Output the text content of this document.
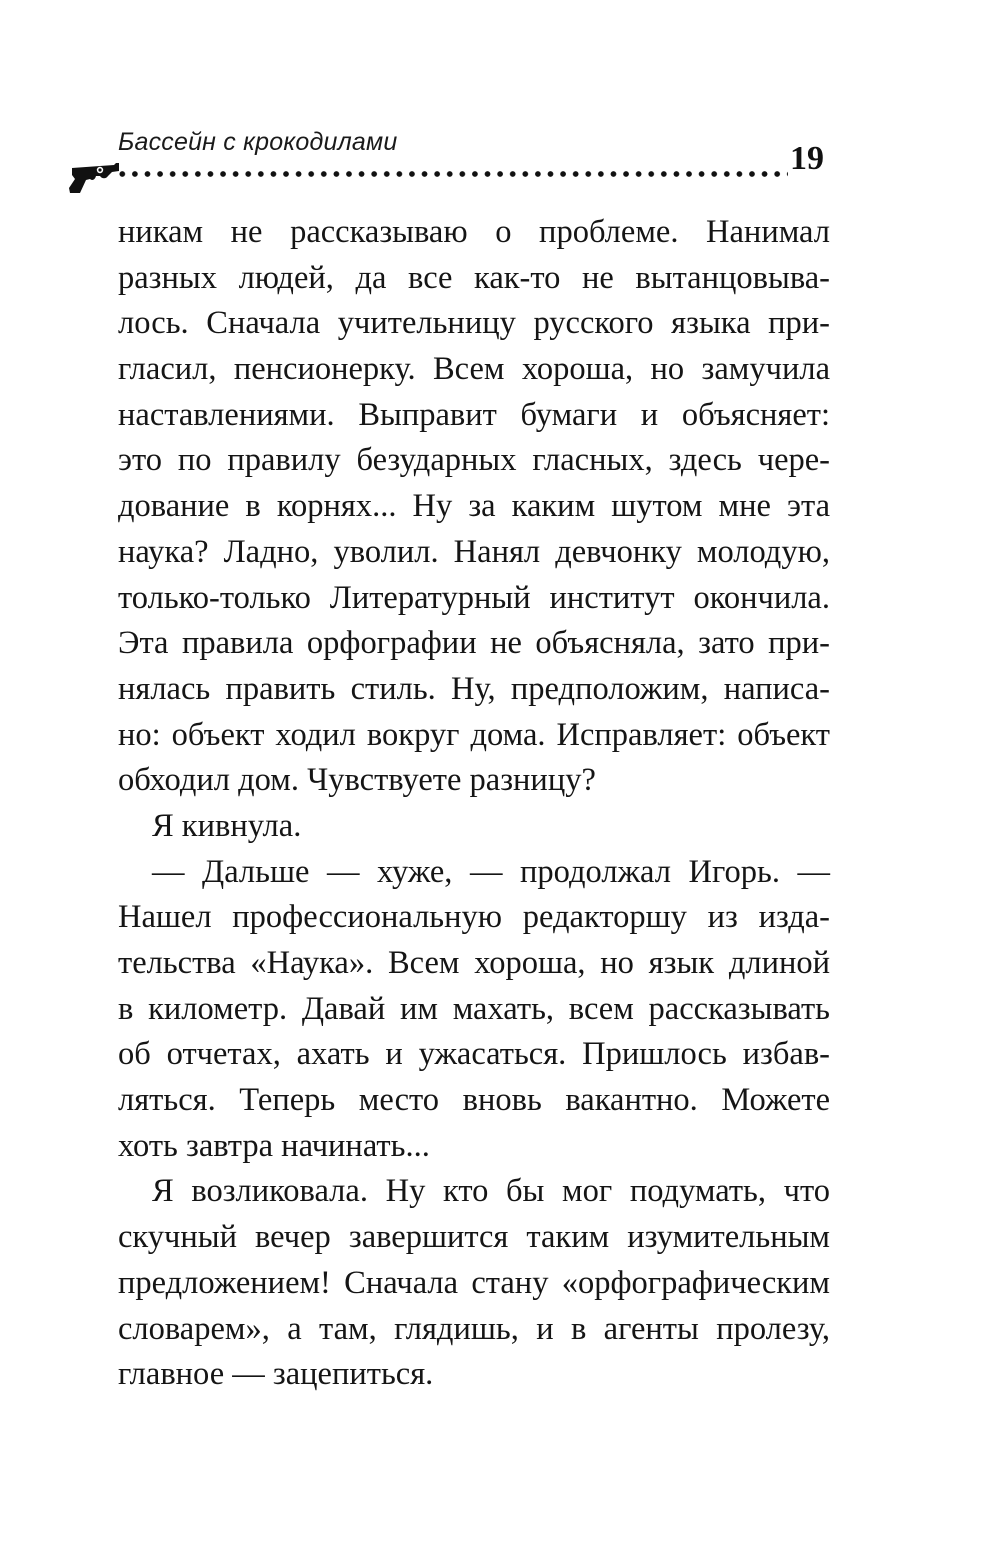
Бассейн с крокодилами	19
никам не рассказываю о проблеме. Нанимал
разных людей, да все как-то не вытанцовыва-
лось. Сначала учительницу русского языка при-
гласил, пенсионерку. Всем хороша, но замучила
наставлениями. Выправит бумаги и объясняет:
это по правилу безударных гласных, здесь чере-
дование в корнях... Ну за каким шутом мне эта
наука? Ладно, уволил. Нанял девчонку молодую,
только-только Литературный институт окончила.
Эта правила орфографии не объясняла, зато при-
нялась править стиль. Ну, предположим, написа-
но: объект ходил вокруг дома. Исправляет: объект
обходил дом. Чувствуете разницу?
Я кивнула.
— Дальше — хуже, — продолжал Игорь. —
Нашел профессиональную редакторшу из изда-
тельства «Наука». Всем хороша, но язык длиной
в километр. Давай им махать, всем рассказывать
об отчетах, ахать и ужасаться. Пришлось избав-
ляться. Теперь место вновь вакантно. Можете
хоть завтра начинать...
Я возликовала. Ну кто бы мог подумать, что
скучный вечер завершится таким изумительным
предложением! Сначала стану «орфографическим
словарем», а там, глядишь, и в агенты пролезу,
главное — зацепиться.
